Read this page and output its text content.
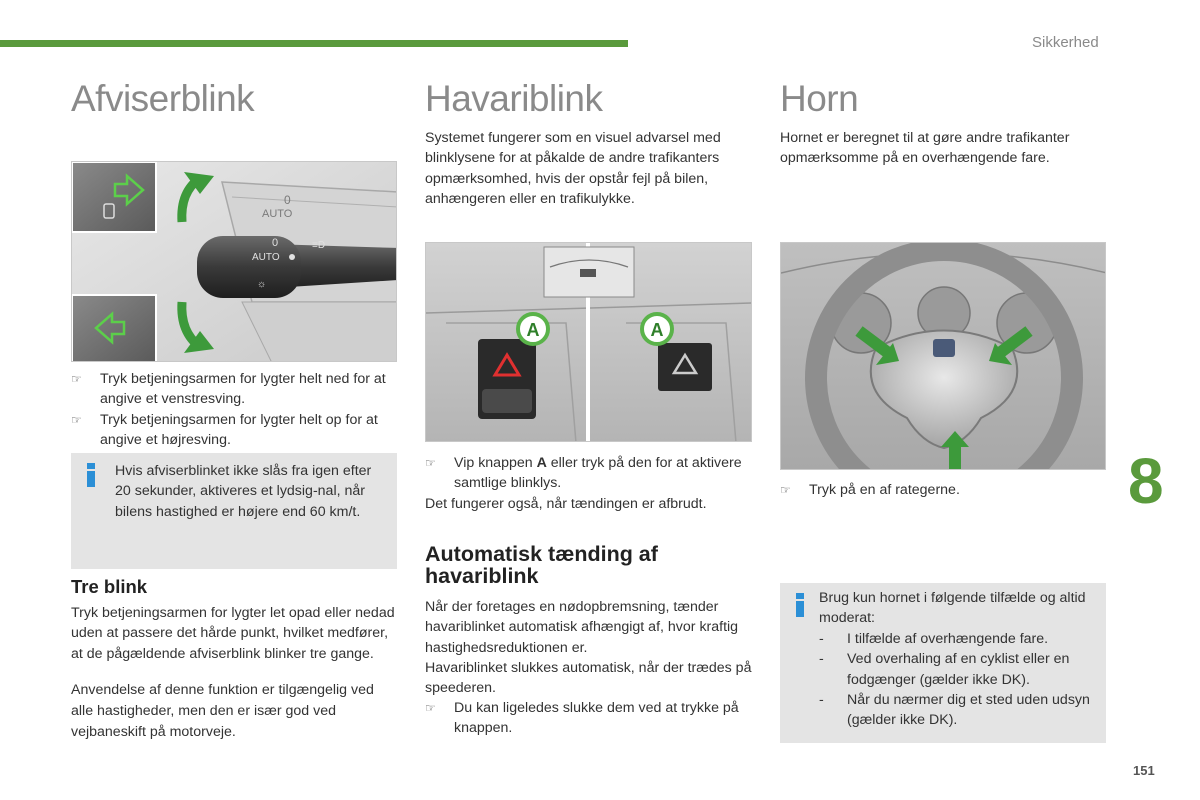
Sikkerhed
Afviserblink
AUTO
0
0
AUTO
≡D
☼
☞ Tryk betjeningsarmen for lygter helt ned for at angive et venstresving.
☞ Tryk betjeningsarmen for lygter helt op for at angive et højresving.
Hvis afviserblinket ikke slås fra igen efter 20 sekunder, aktiveres et lydsig-nal, når bilens hastighed er højere end 60 km/t.
Tre blink

Tryk betjeningsarmen for lygter let opad eller nedad uden at passere det hårde punkt, hvilket medfører, at de pågældende afviserblink blinker tre gange.

Anvendelse af denne funktion er tilgængelig ved alle hastigheder, men den er især god ved vejbaneskift på motorveje.

Havariblink

Systemet fungerer som en visuel advarsel med blinklysene for at påkalde de andre trafikanters opmærksomhed, hvis der opstår fejl på bilen, anhængeren eller en trafikulykke.

A	A
☞ Vip knappen A eller tryk på den for at aktivere samtlige blinklys.

Det fungerer også, når tændingen er afbrudt.

Automatisk tænding af havariblink

Når der foretages en nødopbremsning, tænder havariblinket automatisk afhængigt af, hvor kraftig hastighedsreduktionen er.

Havariblinket slukkes automatisk, når der trædes på speederen.

☞ Du kan ligeledes slukke dem ved at trykke på knappen.
Horn

Hornet er beregnet til at gøre andre trafikanter opmærksomme på en overhængende fare.

☞ Tryk på en af rategerne.
Brug kun hornet i følgende tilfælde og altid moderat:
- I tilfælde af overhængende fare.
- Ved overhaling af en cyklist eller en fodgænger (gælder ikke DK).
- Når du nærmer dig et sted uden udsyn (gælder ikke DK).
8
151
